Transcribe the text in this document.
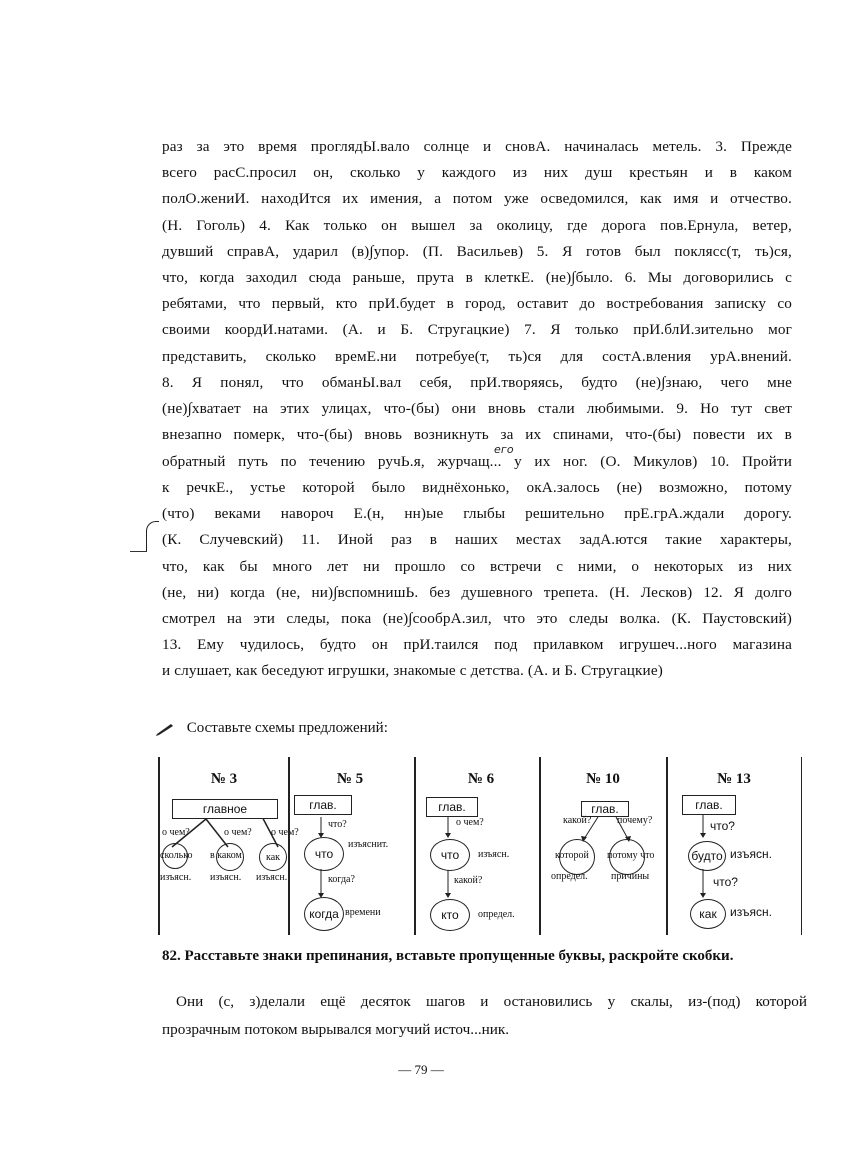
раз за это время проглядЫ.вало солнце и сновА. начиналась метель. 3. Прежде
всего расС.просил он, сколько у каждого из них душ крестьян и в каком
полО.жениИ. находИтся их имения, а потом уже осведомился, как имя и отчество.
(Н. Гоголь) 4. Как только он вышел за околицу, где дорога пов.Ернула, ветер,
дувший справА, ударил (в)∫упор. (П. Васильев) 5. Я готов был поклясс(т, ть)ся,
что, когда заходил сюда раньше, прута в клеткЕ. (не)∫было. 6. Мы договорились с
ребятами, что первый, кто прИ.будет в город, оставит до востребования записку со
своими коордИ.натами. (А. и Б. Стругацкие) 7. Я только прИ.блИ.зительно мог
представить, сколько времЕ.ни потребуе(т, ть)ся для состА.вления урА.внений.
8. Я понял, что обманЫ.вал себя, прИ.творяясь, будто (не)∫знаю, чего мне
(не)∫хватает на этих улицах, что-(бы) они вновь стали любимыми. 9. Но тут свет
внезапно померк, что-(бы) вновь возникнуть за их спинами, что-(бы) повести их в
обратный путь по течению ручЬ.я, журчащ... у их ног. (О. Микулов) 10. Пройти
к речкЕ., устье которой было виднёхонько, окА.залось (не) возможно, потому
(что) веками навороч Е.(н, нн)ые глыбы решительно прЕ.грА.ждали дорогу.
(К. Случевский) 11. Иной раз в наших местах задА.ются такие характеры,
что, как бы много лет ни прошло со встречи с ними, о некоторых из них
(не, ни) когда (не, ни)∫вспомнишЬ. без душевного трепета. (Н. Лесков) 12. Я долго
смотрел на эти следы, пока (не)∫сообрА.зил, что это следы волка. (К. Паустовский)
13. Ему чудилось, будто он прИ.таился под прилавком игрушеч...ного магазина
и слушает, как беседуют игрушки, знакомые с детства. (А. и Б. Стругацкие)
его
Составьте схемы предложений:
№ 3
главное
о чем?	о чем?
сколько в каком
изъясн. изъясн.
как
о чем?
изъясн.
№ 5
глав.
что?
что
изъяснит.
когда?
когда времени
№ 6
глав.
о чем?
что	изъясн.
какой?
кто	определ.
№ 10
глав.
какой?	почему?
которой потому что
определ. причины
№ 13
глав.
что?
будто изъясн.
что?
как	изъясн.
82. Расставьте знаки препинания, вставьте пропущенные буквы, раскройте скобки.
Они (с, з)делали ещё десяток шагов и остановились у скалы, из-(под) которой
прозрачным потоком вырывался могучий источ...ник.
— 79 —
